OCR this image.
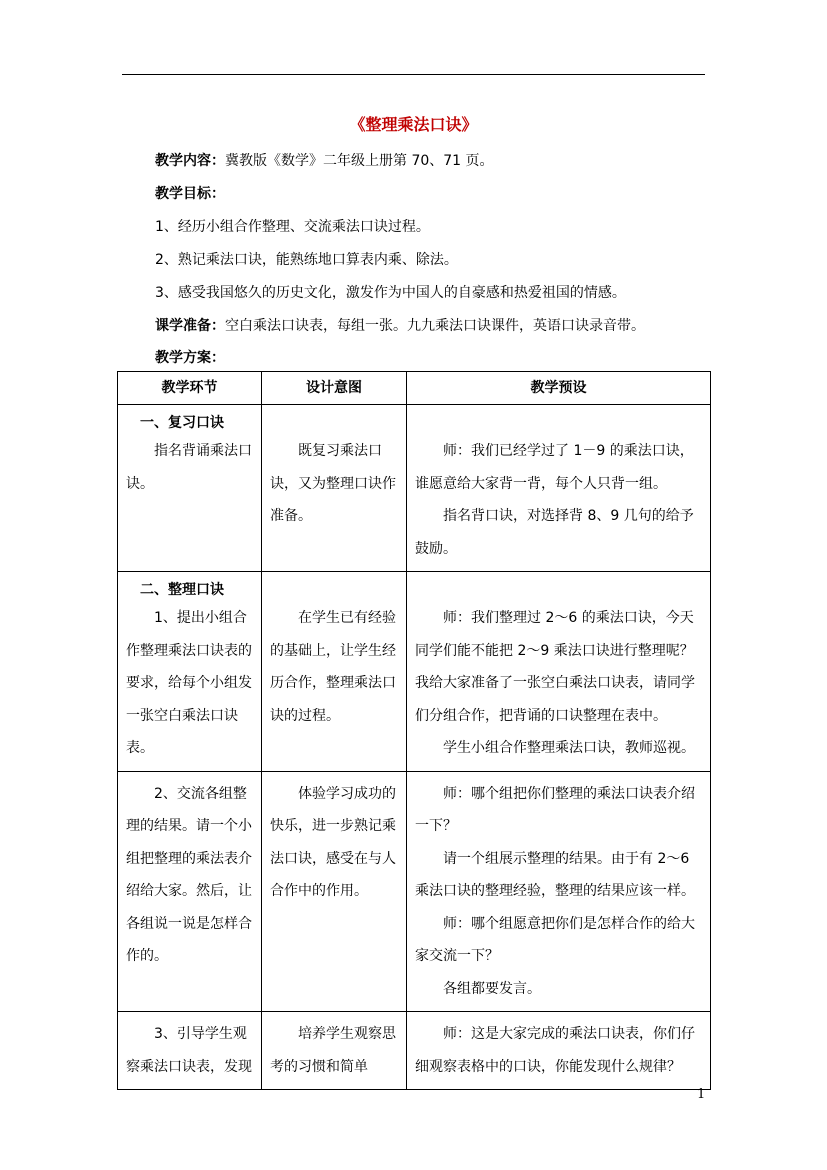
《整理乘法口诀》
教学内容：冀教版《数学》二年级上册第 70、71 页。
教学目标：
1、经历小组合作整理、交流乘法口诀过程。
2、熟记乘法口诀，能熟练地口算表内乘、除法。
3、感受我国悠久的历史文化，激发作为中国人的自豪感和热爱祖国的情感。
课学准备：空白乘法口诀表，每组一张。九九乘法口诀课件，英语口诀录音带。
教学方案：
教学环节	设计意图	教学预设

一、复习口诀
指名背诵乘法口诀。	既复习乘法口诀，又为整理口诀作准备。	师：我们已经学过了 1－9 的乘法口诀，谁愿意给大家背一背，每个人只背一组。
指名背口诀，对选择背 8、9 几句的给予鼓励。

二、整理口诀
1、提出小组合作整理乘法口诀表的要求，给每个小组发一张空白乘法口诀表。	在学生已有经验的基础上，让学生经历合作，整理乘法口诀的过程。	师：我们整理过 2～6 的乘法口诀，今天同学们能不能把 2～9 乘法口诀进行整理呢？我给大家准备了一张空白乘法口诀表，请同学们分组合作，把背诵的口诀整理在表中。
学生小组合作整理乘法口诀，教师巡视。

2、交流各组整理的结果。请一个小组把整理的乘法表介绍给大家。然后，让各组说一说是怎样合作的。	体验学习成功的快乐，进一步熟记乘法口诀，感受在与人合作中的作用。	师：哪个组把你们整理的乘法口诀表介绍一下？
请一个组展示整理的结果。由于有 2～6 乘法口诀的整理经验，整理的结果应该一样。
师：哪个组愿意把你们是怎样合作的给大家交流一下？
各组都要发言。

3、引导学生观察乘法口诀表，发现	培养学生观察思考的习惯和简单	师：这是大家完成的乘法口诀表，你们仔细观察表格中的口诀，你能发现什么规律？
1
